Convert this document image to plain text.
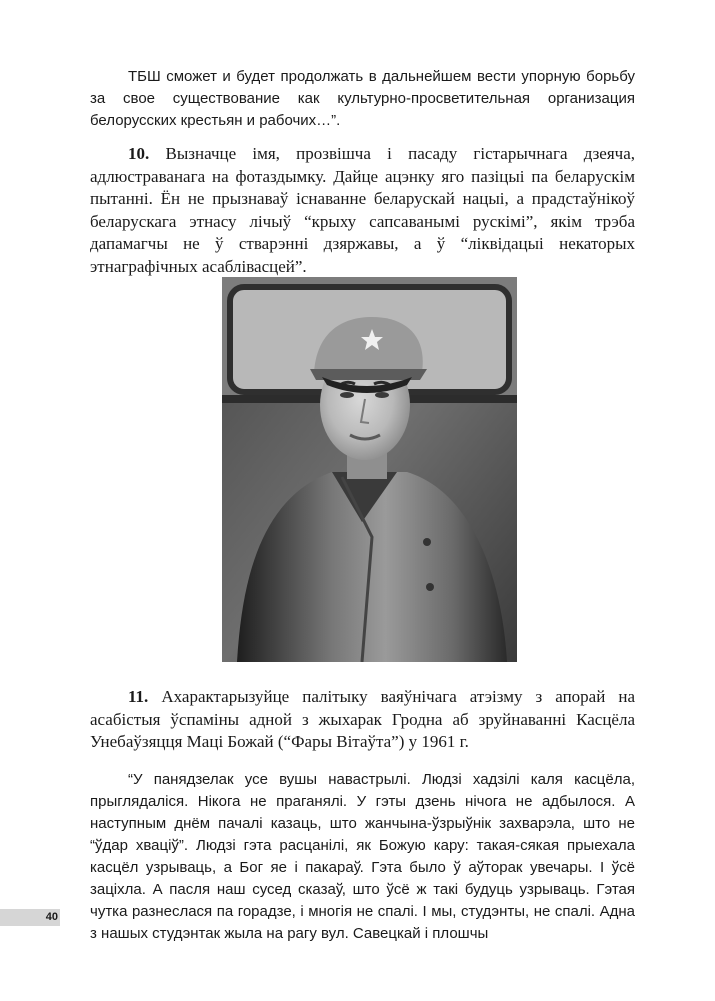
ТБШ сможет и будет продолжать в дальнейшем вести упорную борьбу за свое существование как культурно-просветительная организация белорусских крестьян и рабочих…”.

10. Вызначце імя, прозвішча і пасаду гістарычнага дзеяча, адлюстраванага на фотаздымку. Дайце ацэнку яго пазіцыі па беларускім пытанні. Ён не прызнаваў існаванне беларускай нацыі, а прадстаўнікоў беларускага этнасу лічыў “крыху сапсаванымі рускімі”, якім трэба дапамагчы не ў стварэнні дзяржавы, а ў “ліквідацыі некаторых этнаграфічных асаблівасцей”.

11. Ахарактарызуйце палітыку ваяўнічага атэізму з апорай на асабістыя ўспаміны адной з жыхарак Гродна аб зруйнаванні Касцёла Унебаўзяцця Маці Божай (“Фары Вітаўта”) у 1961 г.

“У панядзелак усе вушы навастрылі. Людзі хадзілі каля касцёла, прыглядаліся. Нікога не праганялі. У гэты дзень нічога не адбылося. А наступным днём пачалі казаць, што жанчына-ўзрыўнік захварэла, што не “ўдар хваціў”. Людзі гэта расцанілі, як Божую кару: такая-сякая прыехала касцёл узрываць, а Бог яе і пакараў. Гэта было ў аўторак увечары. І ўсё заціхла. А пасля наш сусед сказаў, што ўсё ж такі будуць узрываць. Гэтая чутка разнеслася па горадзе, і многія не спалі. І мы, студэнты, не спалі. Адна з нашых студэнтак жыла на рагу вул. Савецкай і плошчы

40
